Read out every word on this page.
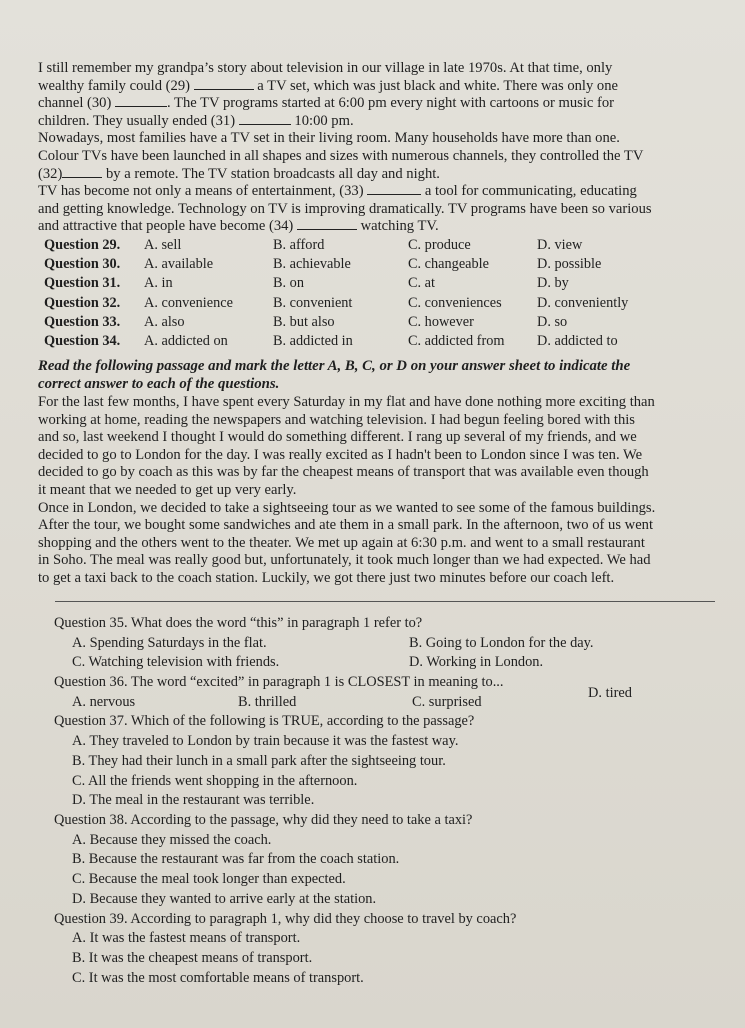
I still remember my grandpa’s story about television in our village in late 1970s. At that time, only

wealthy family could (29)	a TV set, which was just black and white. There was only one

channel (30)	. The TV programs started at 6:00 pm every night with cartoons or music for

children. They usually ended (31)	10:00 pm.

Nowadays, most families have a TV set in their living room. Many households have more than one.

Colour TVs have been launched in all shapes and sizes with numerous channels, they controlled the TV

(32)	by a remote. The TV station broadcasts all day and night.

TV has become not only a means of entertainment, (33)	a tool for communicating, educating

and getting knowledge. Technology on TV is improving dramatically. TV programs have been so various

and attractive that people have become (34)	watching TV.

Question 29. A. sell	B. afford	C. produce	D. view
Question 30. A. available	B. achievable	C. changeable	D. possible
Question 31. A. in	B. on	C. at	D. by
Question 32. A. convenience	B. convenient	C. conveniences D. conveniently
Question 33. A. also	B. but also	C. however	D. so
Question 34. A. addicted on	B. addicted in	C. addicted from D. addicted to

Read the following passage and mark the letter A, B, C, or D on your answer sheet to indicate the

correct answer to each of the questions.

For the last few months, I have spent every Saturday in my flat and have done nothing more exciting than

working at home, reading the newspapers and watching television. I had begun feeling bored with this

and so, last weekend I thought I would do something different. I rang up several of my friends, and we

decided to go to London for the day. I was really excited as I hadn't been to London since I was ten. We

decided to go by coach as this was by far the cheapest means of transport that was available even though

it meant that we needed to get up very early.

Once in London, we decided to take a sightseeing tour as we wanted to see some of the famous buildings.

After the tour, we bought some sandwiches and ate them in a small park. In the afternoon, two of us went

shopping and the others went to the theater. We met up again at 6:30 p.m. and went to a small restaurant

in Soho. The meal was really good but, unfortunately, it took much longer than we had expected. We had

to get a taxi back to the coach station. Luckily, we got there just two minutes before our coach left.

Question 35. What does the word “this” in paragraph 1 refer to?

A. Spending Saturdays in the flat.	B. Going to London for the day.
C. Watching television with friends.	D. Working in London.

Question 36. The word “excited” in paragraph 1 is CLOSEST in meaning to...

A. nervous	B. thrilled	C. surprised
D. tired

Question 37. Which of the following is TRUE, according to the passage?

A. They traveled to London by train because it was the fastest way.

B. They had their lunch in a small park after the sightseeing tour.

C. All the friends went shopping in the afternoon.

D. The meal in the restaurant was terrible.

Question 38. According to the passage, why did they need to take a taxi?

A. Because they missed the coach.

B. Because the restaurant was far from the coach station.

C. Because the meal took longer than expected.

D. Because they wanted to arrive early at the station.

Question 39. According to paragraph 1, why did they choose to travel by coach?

A. It was the fastest means of transport.

B. It was the cheapest means of transport.

C. It was the most comfortable means of transport.
